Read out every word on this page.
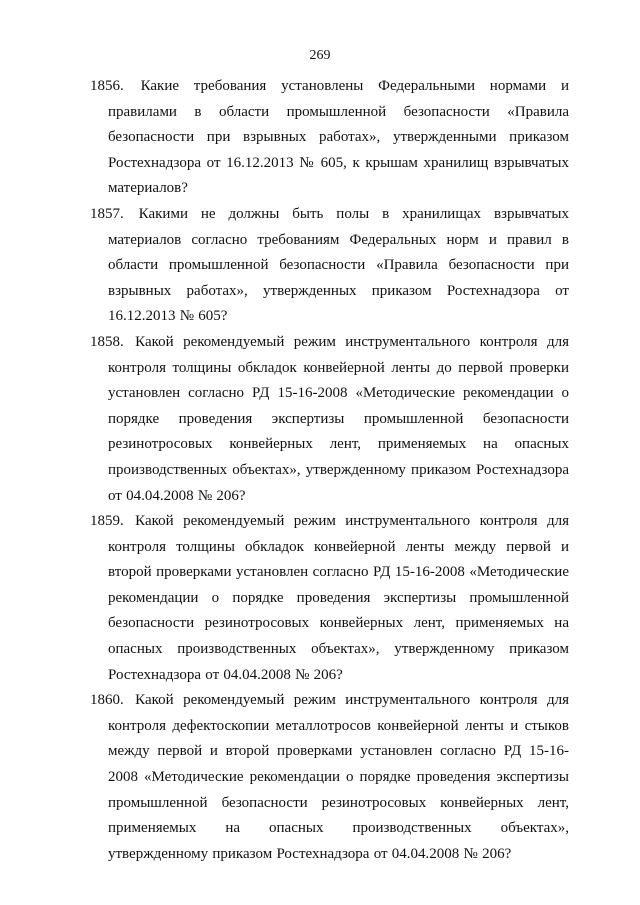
269
1856. Какие требования установлены Федеральными нормами и правилами в области промышленной безопасности «Правила безопасности при взрывных работах», утвержденными приказом Ростехнадзора от 16.12.2013 № 605, к крышам хранилищ взрывчатых материалов?
1857. Какими не должны быть полы в хранилищах взрывчатых материалов согласно требованиям Федеральных норм и правил в области промышленной безопасности «Правила безопасности при взрывных работах», утвержденных приказом Ростехнадзора от 16.12.2013 № 605?
1858. Какой рекомендуемый режим инструментального контроля для контроля толщины обкладок конвейерной ленты до первой проверки установлен согласно РД 15-16-2008 «Методические рекомендации о порядке проведения экспертизы промышленной безопасности резинотросовых конвейерных лент, применяемых на опасных производственных объектах», утвержденному приказом Ростехнадзора от 04.04.2008 № 206?
1859. Какой рекомендуемый режим инструментального контроля для контроля толщины обкладок конвейерной ленты между первой и второй проверками установлен согласно РД 15-16-2008 «Методические рекомендации о порядке проведения экспертизы промышленной безопасности резинотросовых конвейерных лент, применяемых на опасных производственных объектах», утвержденному приказом Ростехнадзора от 04.04.2008 № 206?
1860. Какой рекомендуемый режим инструментального контроля для контроля дефектоскопии металлотросов конвейерной ленты и стыков между первой и второй проверками установлен согласно РД 15-16-2008 «Методические рекомендации о порядке проведения экспертизы промышленной безопасности резинотросовых конвейерных лент, применяемых на опасных производственных объектах», утвержденному приказом Ростехнадзора от 04.04.2008 № 206?
